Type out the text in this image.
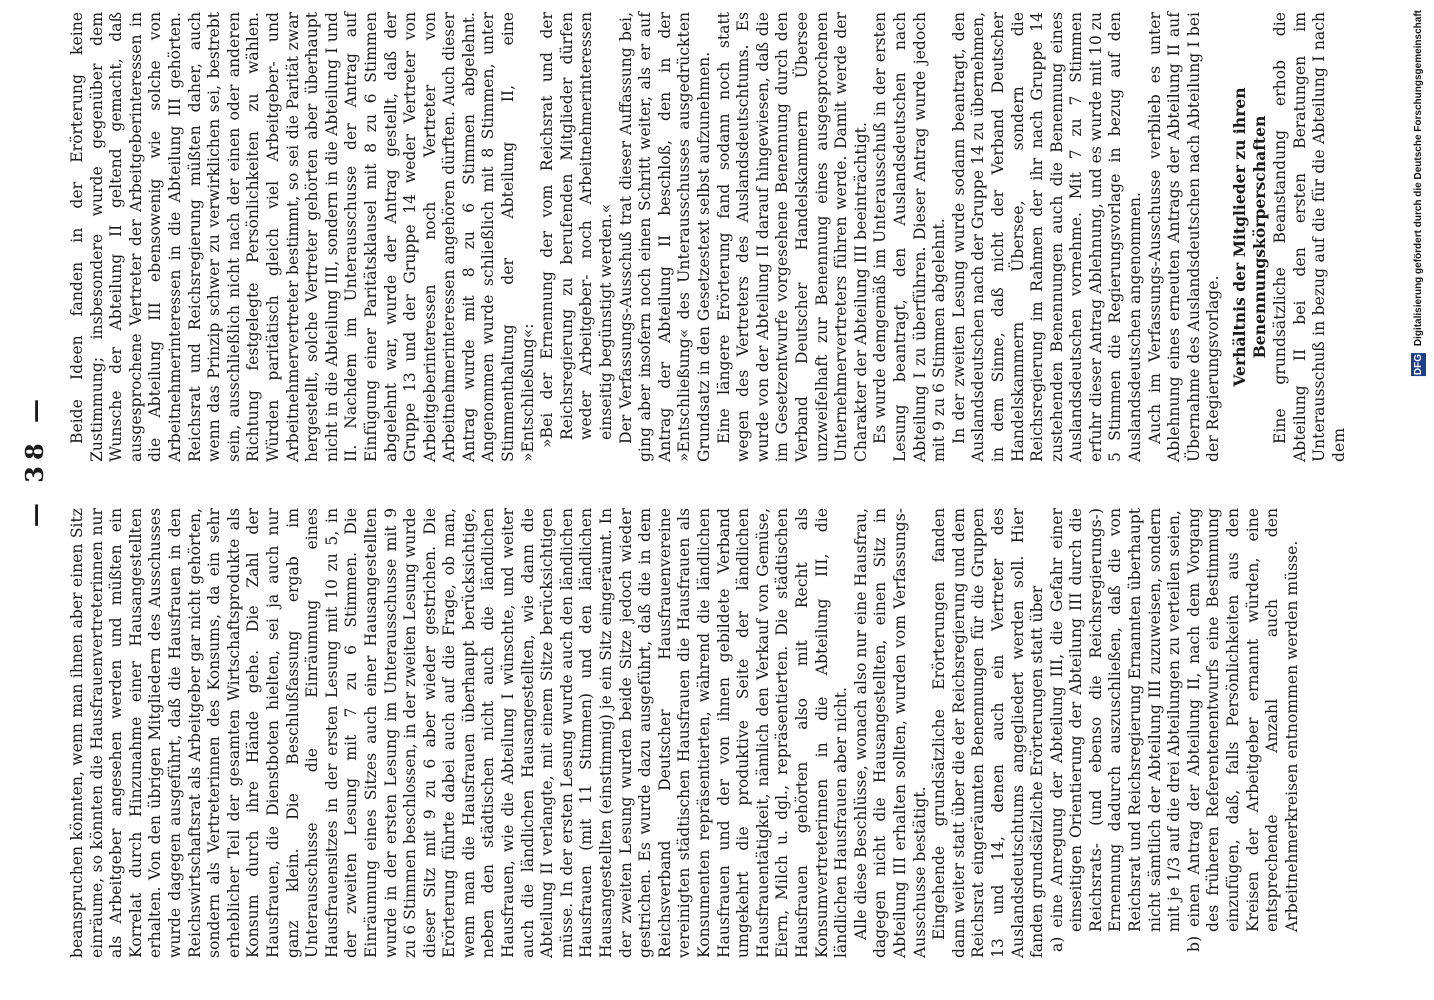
— 38 —

beanspruchen könnten, wenn man ihnen aber einen Sitz einräume, so könnten die Hausfrauenvertreterinnen nur als Arbeitgeber angesehen werden und müßten ein Korrelat durch Hinzunahme einer Hausangestellten erhalten. Von den übrigen Mitgliedern des Ausschusses wurde dagegen ausgeführt, daß die Hausfrauen in den Reichswirtschaftsrat als Arbeitgeber gar nicht gehörten, sondern als Vertreterinnen des Konsums, da ein sehr erheblicher Teil der gesamten Wirtschaftsprodukte als Konsum durch ihre Hände gehe. Die Zahl der Hausfrauen, die Dienstboten hielten, sei ja auch nur ganz klein. Die Beschlußfassung ergab im Unterausschusse die Einräumung eines Hausfrauensitzes in der ersten Lesung mit 10 zu 5, in der zweiten Lesung mit 7 zu 6 Stimmen. Die Einräumung eines Sitzes auch einer Hausangestellten wurde in der ersten Lesung im Unterausschusse mit 9 zu 6 Stimmen beschlossen, in der zweiten Lesung wurde dieser Sitz mit 9 zu 6 aber wieder gestrichen. Die Erörterung führte dabei auch auf die Frage, ob man, wenn man die Hausfrauen überhaupt berücksichtige, neben den städtischen nicht auch die ländlichen Hausfrauen, wie die Abteilung I wünschte, und weiter auch die ländlichen Hausangestellten, wie dann die Abteilung II verlangte, mit einem Sitze berücksichtigen müsse. In der ersten Lesung wurde auch den ländlichen Hausfrauen (mit 11 Stimmen) und den ländlichen Hausangestellten (einstimmig) je ein Sitz eingeräumt. In der zweiten Lesung wurden beide Sitze jedoch wieder gestrichen. Es wurde dazu ausgeführt, daß die in dem Reichsverband Deutscher Hausfrauenvereine vereinigten städtischen Hausfrauen die Hausfrauen als Konsumenten repräsentierten, während die ländlichen Hausfrauen und der von ihnen gebildete Verband umgekehrt die produktive Seite der ländlichen Hausfrauentätigkeit, nämlich den Verkauf von Gemüse, Eiern, Milch u. dgl., repräsentierten. Die städtischen Hausfrauen gehörten also mit Recht als Konsumvertreterinnen in die Abteilung III, die ländlichen Hausfrauen aber nicht. Alle diese Beschlüsse, wonach also nur eine Hausfrau, dagegen nicht die Hausangestellten, einen Sitz in Abteilung III erhalten sollten, wurden vom Verfassungs-Ausschusse bestätigt. Eingehende grundsätzliche Erörterungen fanden dann weiter statt über die der Reichsregierung und dem Reichsrat eingeräumten Benennungen für die Gruppen 13 und 14, denen auch ein Vertreter des Auslandsdeutschtums angegliedert werden soll. Hier fanden grundsätzliche Erörterungen statt über a) eine Anregung der Abteilung III, die Gefahr einer einseitigen Orientierung der Abteilung III durch die Reichsrats- (und ebenso die Reichsregierungs-) Ernennung dadurch auszuschließen, daß die von Reichsrat und Reichsregierung Ernannten überhaupt nicht sämtlich der Abteilung III zuzuweisen, sondern mit je 1/3 auf die drei Abteilungen zu verteilen seien, b) einen Antrag der Abteilung II, nach dem Vorgang des früheren Referentenentwurfs eine Bestimmung einzufügen, daß, falls Persönlichkeiten aus den Kreisen der Arbeitgeber ernannt würden, eine entsprechende Anzahl auch den Arbeitnehmerkreisen entnommen werden müsse.

Beide Ideen fanden in der Erörterung keine Zustimmung; insbesondere wurde gegenüber dem Wunsche der Abteilung II geltend gemacht, daß ausgesprochene Vertreter der Arbeitgeberinteressen in die Abteilung III ebensowenig wie solche von Arbeitnehmerinteressen in die Abteilung III gehörten. Reichsrat und Reichsregierung müßten daher, auch wenn das Prinzip schwer zu verwirklichen sei, bestrebt sein, ausschließlich nicht nach der einen oder anderen Richtung festgelegte Persönlichkeiten zu wählen. Würden paritätisch gleich viel Arbeitgeber- und Arbeitnehmervertreter bestimmt, so sei die Parität zwar hergestellt, solche Vertreter gehörten aber überhaupt nicht in die Abteilung III, sondern in die Abteilung I und II. Nachdem im Unterausschusse der Antrag auf Einfügung einer Paritätsklausel mit 8 zu 6 Stimmen abgelehnt war, wurde der Antrag gestellt, daß der Gruppe 13 und der Gruppe 14 weder Vertreter von Arbeitgeberinteressen noch Vertreter von Arbeitnehmerinteressen angehören dürften. Auch dieser Antrag wurde mit 8 zu 6 Stimmen abgelehnt. Angenommen wurde schließlich mit 8 Stimmen, unter Stimmenthaltung der Abteilung II, eine »Entschließung«: »Bei der Ernennung der vom Reichsrat und der Reichsregierung zu berufenden Mitglieder dürfen weder Arbeitgeber- noch Arbeitnehmerinteressen einseitig begünstigt werden.« Der Verfassungs-Ausschuß trat dieser Auffassung bei, ging aber insofern noch einen Schritt weiter, als er auf Antrag der Abteilung II beschloß, den in der »Entschließung« des Unterausschusses ausgedrückten Grundsatz in den Gesetzestext selbst aufzunehmen. Eine längere Erörterung fand sodann noch statt wegen des Vertreters des Auslandsdeutschtums. Es wurde von der Abteilung II darauf hingewiesen, daß die im Gesetzentwurfe vorgesehene Benennung durch den Verband Deutscher Handelskammern Übersee unzweifelhaft zur Benennung eines ausgesprochenen Unternehmervertreters führen werde. Damit werde der Charakter der Abteilung III beeinträchtigt. Es wurde demgemäß im Unterausschuß in der ersten Lesung beantragt, den Auslandsdeutschen nach Abteilung I zu überführen. Dieser Antrag wurde jedoch mit 9 zu 6 Stimmen abgelehnt. In der zweiten Lesung wurde sodann beantragt, den Auslandsdeutschen nach der Gruppe 14 zu übernehmen, in dem Sinne, daß nicht der Verband Deutscher Handelskammern Übersee, sondern die Reichsregierung im Rahmen der ihr nach Gruppe 14 zustehenden Benennungen auch die Benennung eines Auslandsdeutschen vornehme. Mit 7 zu 7 Stimmen erfuhr dieser Antrag Ablehnung, und es wurde mit 10 zu 5 Stimmen die Regierungsvorlage in bezug auf den Auslandsdeutschen angenommen. Auch im Verfassungs-Ausschusse verblieb es unter Ablehnung eines erneuten Antrags der Abteilung II auf Übernahme des Auslandsdeutschen nach Abteilung I bei der Regierungsvorlage. Verhältnis der Mitglieder zu ihren Benennungskörperschaften Eine grundsätzliche Beanstandung erhob die Abteilung II bei den ersten Beratungen im Unterausschuß in bezug auf die für die Abteilung I nach dem

DFG Digitalisierung gefördert durch die Deutsche Forschungsgemeinschaft
